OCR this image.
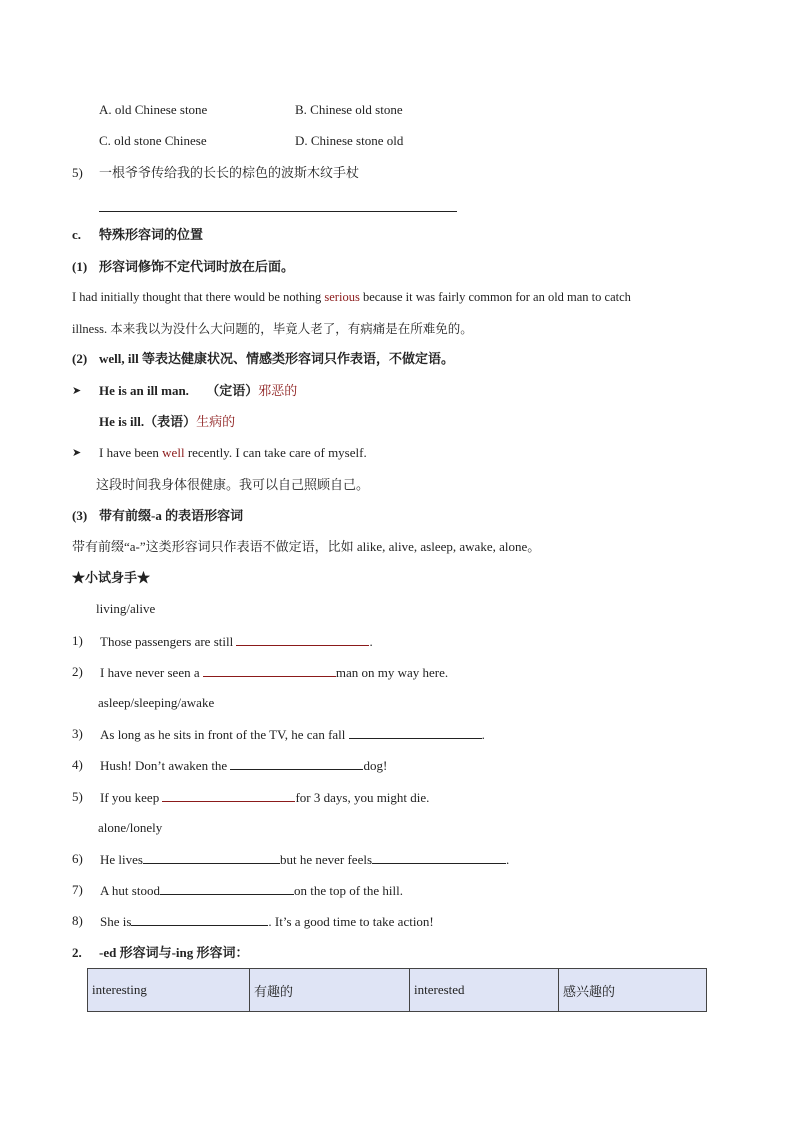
A. old Chinese stone	B. Chinese old stone
C. old stone Chinese	D. Chinese stone old
5) 一根爷爷传给我的长长的棕色的波斯木纹手杖
c. 特殊形容词的位置
(1) 形容词修饰不定代词时放在后面。
I had initially thought that there would be nothing serious because it was fairly common for an old man to catch
illness. 本来我以为没什么大问题的，毕竟人老了，有病痛是在所难免的。
(2) well, ill 等表达健康状况、情感类形容词只作表语，不做定语。
➤ He is an ill man. （定语）邪恶的
He is ill.（表语）生病的
➤ I have been well recently. I can take care of myself.
这段时间我身体很健康。我可以自己照顾自己。
(3) 带有前缀-a 的表语形容词
带有前缀“a-”这类形容词只作表语不做定语，比如 alike, alive, asleep, awake, alone。
★小试身手★
living/alive
1) Those passengers are still	.
2) I have never seen a	man on my way here.
asleep/sleeping/awake
3) As long as he sits in front of the TV, he can fall	.
4) Hush! Don’t awaken the	dog!
5) If you keep	for 3 days, you might die.
alone/lonely
6) He lives	but he never feels	.
7) A hut stood	on the top of the hill.
8) She is	. It’s a good time to take action!
2. -ed 形容词与-ing 形容词：
interesting	有趣的	interested	感兴趣的
